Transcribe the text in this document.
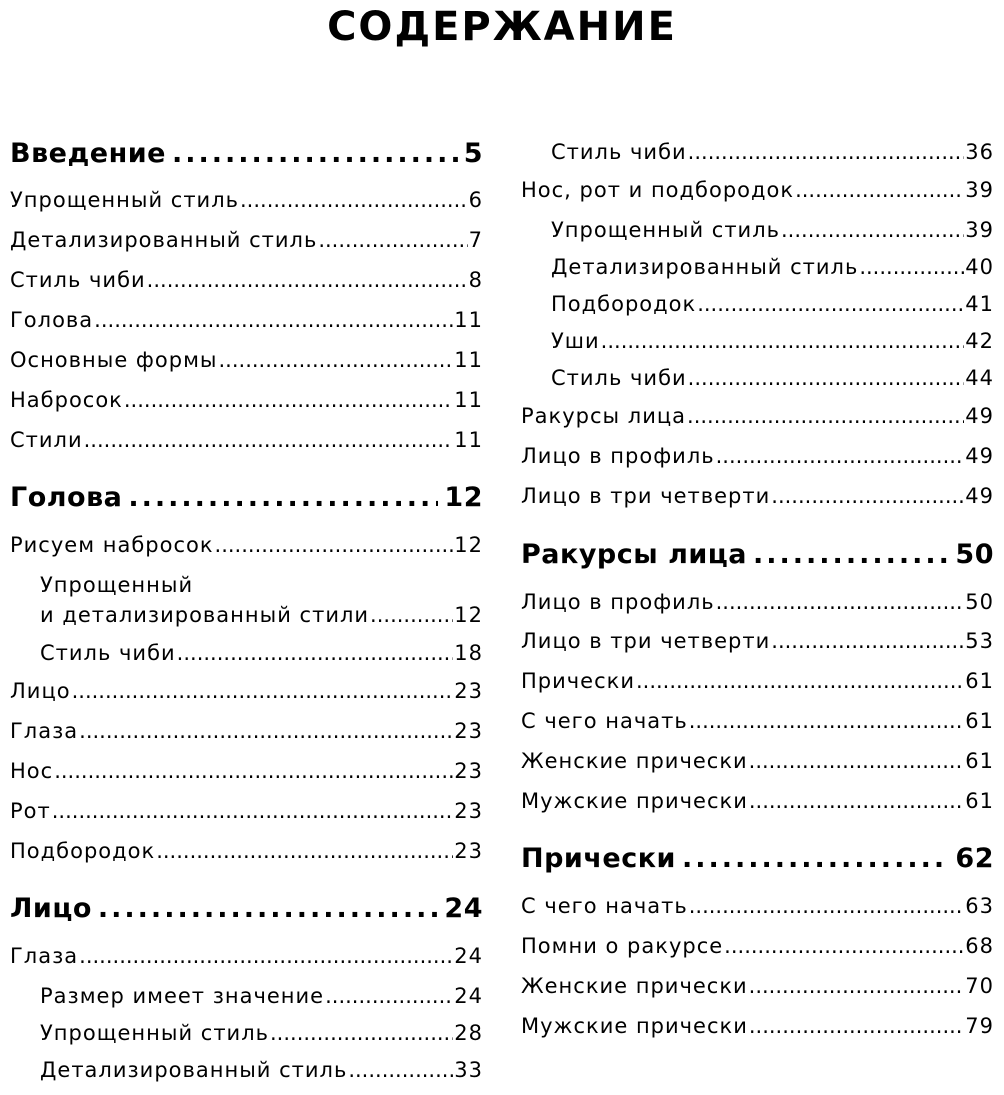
СОДЕРЖАНИЕ
Введение .....	5
Упрощенный стиль .....	6
Детализированный стиль .....	7
Стиль чиби .....	8
Голова .....	11
Основные формы .....	11
Набросок .....	11
Стили .....	11
Голова .....	12
Рисуем набросок .....	12
Упрощенный
и детализированный стили .....	12
Стиль чиби .....	18
Лицо .....	23
Глаза .....	23
Нос .....	23
Рот .....	23
Подбородок .....	23
Лицо .....	24
Глаза .....	24
Размер имеет значение .....	24
Упрощенный стиль .....	28
Детализированный стиль .....	33
Стиль чиби .....	36
Нос, рот и подбородок .....	39
Упрощенный стиль .....	39
Детализированный стиль .....	40
Подбородок .....	41
Уши .....	42
Стиль чиби .....	44
Ракурсы лица .....	49
Лицо в профиль .....	49
Лицо в три четверти .....	49
Ракурсы лица .....	50
Лицо в профиль .....	50
Лицо в три четверти .....	53
Прически .....	61
С чего начать .....	61
Женские прически .....	61
Мужские прически .....	61
Прически .....	62
С чего начать .....	63
Помни о ракурсе .....	68
Женские прически .....	70
Мужские прически .....	79
